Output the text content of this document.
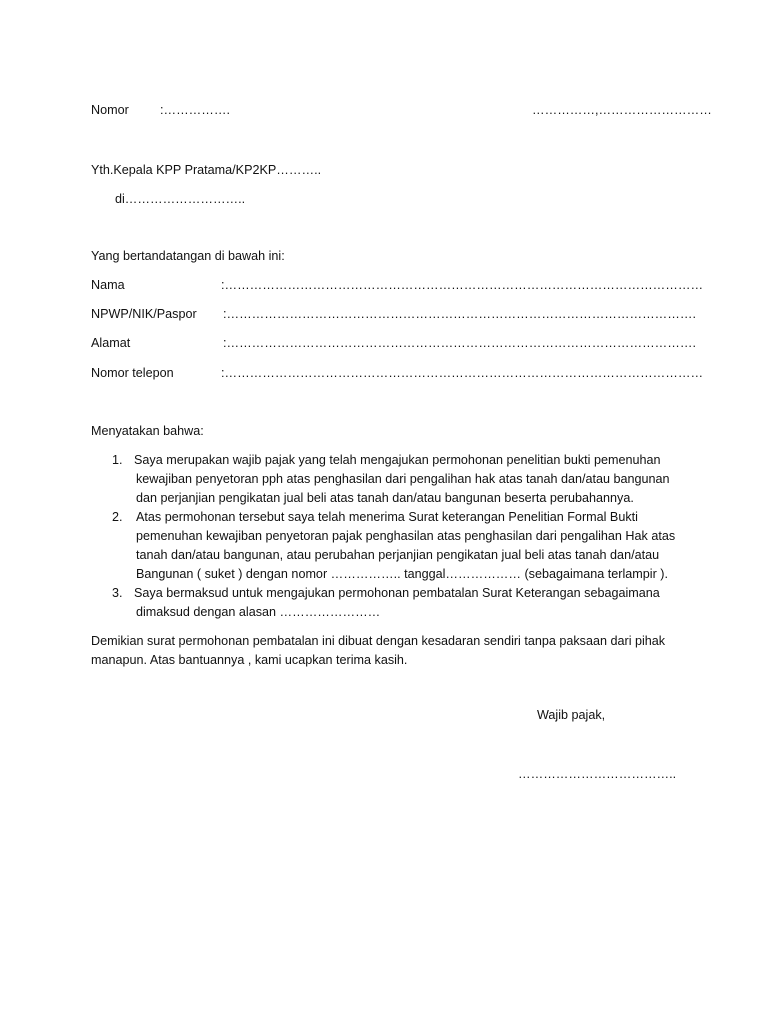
Nomor :…………….	……………,………………………
Yth.Kepala KPP Pratama/KP2KP………..
di………………………..
Yang bertandatangan di bawah ini:
Nama	:……………………………………………………………………………………………………
NPWP/NIK/Paspor :………………………………………………………………………………………………….
Alamat	:………………………………………………………………………………………………….
Nomor telepon	:……………………………………………………………………………………………………
Menyatakan bahwa:
1. Saya merupakan wajib pajak yang telah mengajukan permohonan penelitian bukti pemenuhan
kewajiban penyetoran pph atas penghasilan dari pengalihan hak atas tanah dan/atau bangunan
dan perjanjian pengikatan jual beli atas tanah dan/atau bangunan beserta perubahannya.
2. Atas permohonan tersebut saya telah menerima Surat keterangan Penelitian Formal Bukti
pemenuhan kewajiban penyetoran pajak penghasilan atas penghasilan dari pengalihan Hak atas
tanah dan/atau bangunan, atau perubahan perjanjian pengikatan jual beli atas tanah dan/atau
Bangunan ( suket ) dengan nomor …………….. tanggal……………… (sebagaimana terlampir ).
3. Saya bermaksud untuk mengajukan permohonan pembatalan Surat Keterangan sebagaimana
dimaksud dengan alasan ……………………
Demikian surat permohonan pembatalan ini dibuat dengan kesadaran sendiri tanpa paksaan dari pihak
manapun. Atas bantuannya , kami ucapkan terima kasih.
Wajib pajak,
………………………………..
